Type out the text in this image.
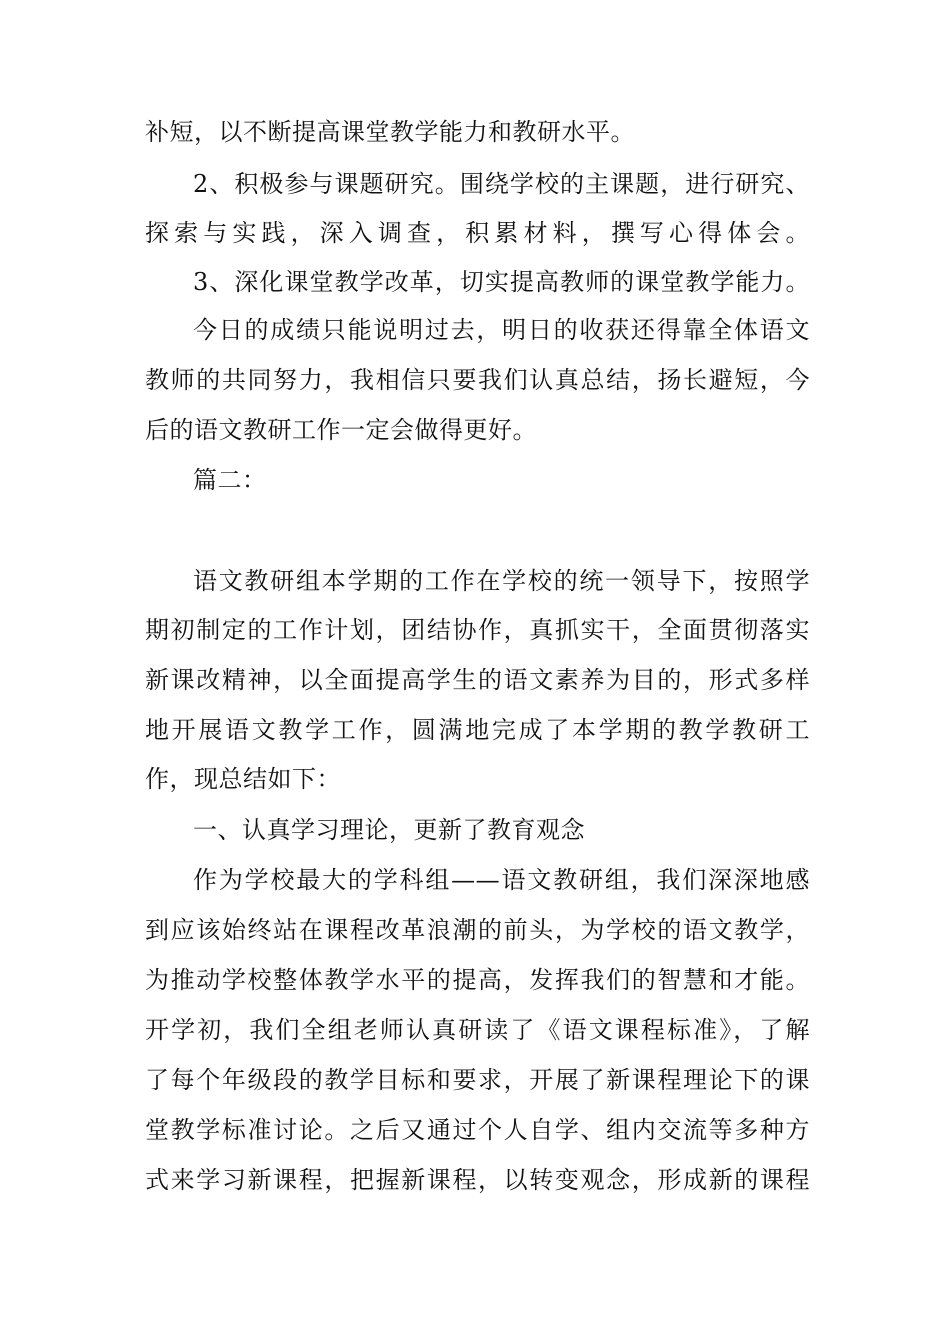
补短，以不断提高课堂教学能力和教研水平。
2、积极参与课题研究。围绕学校的主课题，进行研究、
探索与实践，深入调查，积累材料，撰写心得体会。
3、深化课堂教学改革，切实提高教师的课堂教学能力。
今日的成绩只能说明过去，明日的收获还得靠全体语文
教师的共同努力，我相信只要我们认真总结，扬长避短，今
后的语文教研工作一定会做得更好。
篇二：
语文教研组本学期的工作在学校的统一领导下，按照学
期初制定的工作计划，团结协作，真抓实干，全面贯彻落实
新课改精神，以全面提高学生的语文素养为目的，形式多样
地开展语文教学工作，圆满地完成了本学期的教学教研工
作，现总结如下：
一、认真学习理论，更新了教育观念
作为学校最大的学科组——语文教研组，我们深深地感
到应该始终站在课程改革浪潮的前头，为学校的语文教学，
为推动学校整体教学水平的提高，发挥我们的智慧和才能。
开学初，我们全组老师认真研读了《语文课程标准》，了解
了每个年级段的教学目标和要求，开展了新课程理论下的课
堂教学标准讨论。之后又通过个人自学、组内交流等多种方
式来学习新课程，把握新课程，以转变观念，形成新的课程
